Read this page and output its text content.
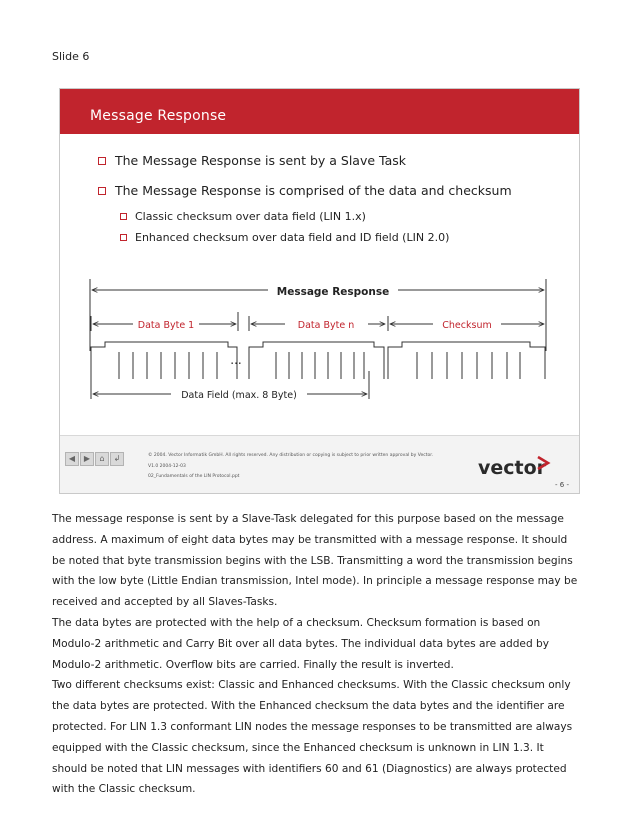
Slide 6
Message Response
The Message Response is sent by a Slave Task
The Message Response is comprised of the data and checksum
Classic checksum over data field (LIN 1.x)
Enhanced checksum over data field and ID field (LIN 2.0)
Message Response
Data Byte 1	Data Byte n	Checksum
...
Data Field (max. 8 Byte)
◀	▶	⌂	↲	© 2004. Vector Informatik GmbH. All rights reserved. Any distribution or copying is subject to prior written approval by Vector.
V1.0 2004-12-03
02_Fundamentals of the LIN Protocol.ppt	vector
- 6 -

The message response is sent by a Slave-Task delegated for this purpose based on the message address. A maximum of eight data bytes may be transmitted with a message response. It should be noted that byte transmission begins with the LSB. Transmitting a word the transmission begins with the low byte (Little Endian transmission, Intel mode). In principle a message response may be received and accepted by all Slaves-Tasks.

The data bytes are protected with the help of a checksum. Checksum formation is based on Modulo-2 arithmetic and Carry Bit over all data bytes. The individual data bytes are added by Modulo-2 arithmetic. Overflow bits are carried. Finally the result is inverted.

Two different checksums exist: Classic and Enhanced checksums. With the Classic checksum only the data bytes are protected. With the Enhanced checksum the data bytes and the identifier are protected. For LIN 1.3 conformant LIN nodes the message responses to be transmitted are always equipped with the Classic checksum, since the Enhanced checksum is unknown in LIN 1.3. It should be noted that LIN messages with identifiers 60 and 61 (Diagnostics) are always protected with the Classic checksum.
